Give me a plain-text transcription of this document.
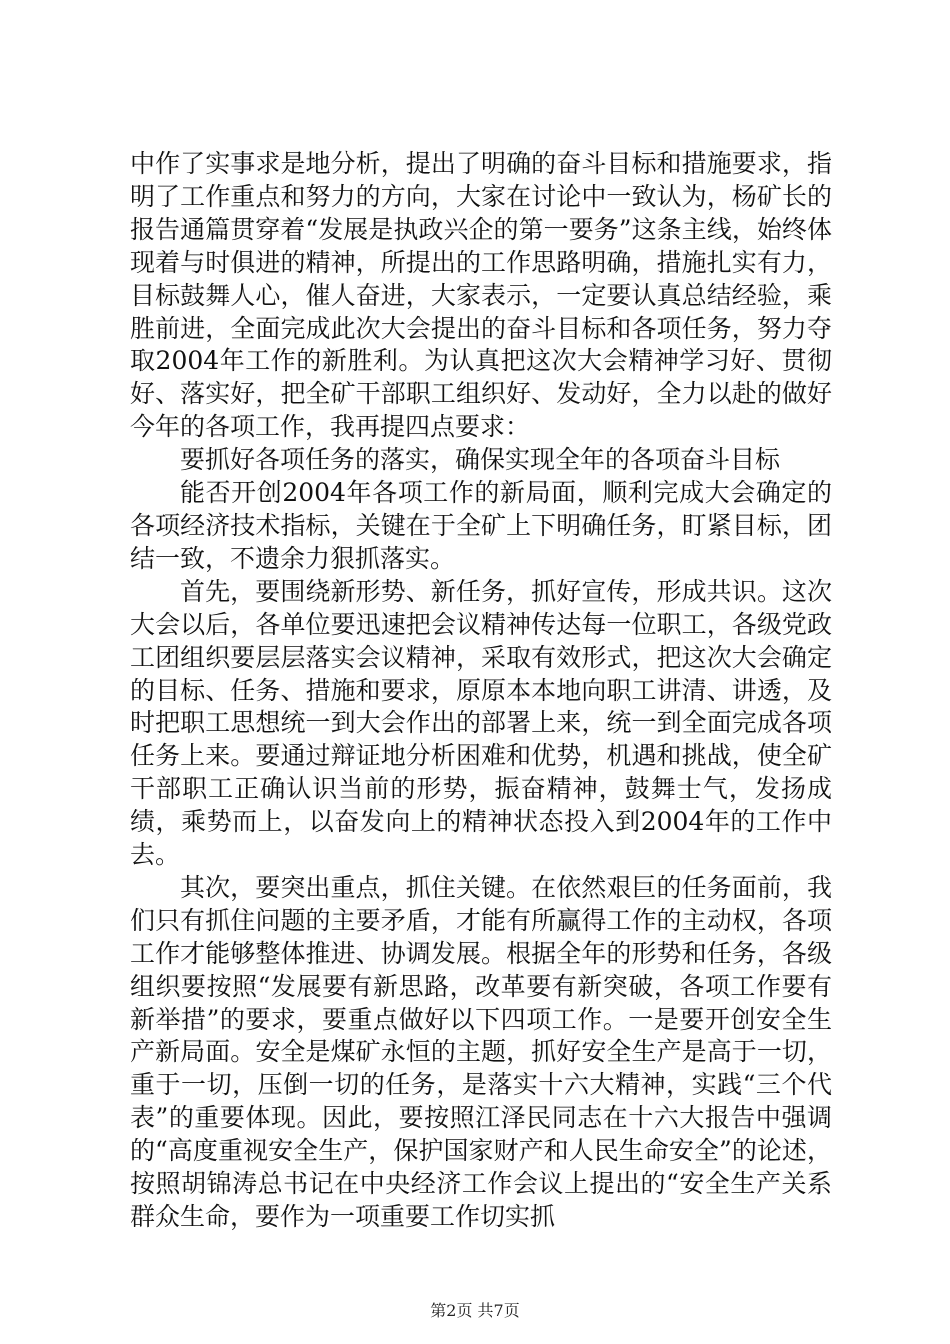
中作了实事求是地分析，提出了明确的奋斗目标和措施要求，指明了工作重点和努力的方向，大家在讨论中一致认为，杨矿长的报告通篇贯穿着“发展是执政兴企的第一要务”这条主线，始终体现着与时俱进的精神，所提出的工作思路明确，措施扎实有力，目标鼓舞人心，催人奋进，大家表示，一定要认真总结经验，乘胜前进，全面完成此次大会提出的奋斗目标和各项任务，努力夺取2004年工作的新胜利。为认真把这次大会精神学习好、贯彻好、落实好，把全矿干部职工组织好、发动好，全力以赴的做好今年的各项工作，我再提四点要求：

要抓好各项任务的落实，确保实现全年的各项奋斗目标

能否开创2004年各项工作的新局面，顺利完成大会确定的各项经济技术指标，关键在于全矿上下明确任务，盯紧目标，团结一致，不遗余力狠抓落实。

首先，要围绕新形势、新任务，抓好宣传，形成共识。这次大会以后，各单位要迅速把会议精神传达每一位职工，各级党政工团组织要层层落实会议精神，采取有效形式，把这次大会确定的目标、任务、措施和要求，原原本本地向职工讲清、讲透，及时把职工思想统一到大会作出的部署上来，统一到全面完成各项任务上来。要通过辩证地分析困难和优势，机遇和挑战，使全矿干部职工正确认识当前的形势，振奋精神，鼓舞士气，发扬成绩，乘势而上，以奋发向上的精神状态投入到2004年的工作中去。

其次，要突出重点，抓住关键。在依然艰巨的任务面前，我们只有抓住问题的主要矛盾，才能有所赢得工作的主动权，各项工作才能够整体推进、协调发展。根据全年的形势和任务，各级组织要按照“发展要有新思路，改革要有新突破，各项工作要有新举措”的要求，要重点做好以下四项工作。一是要开创安全生产新局面。安全是煤矿永恒的主题，抓好安全生产是高于一切，重于一切，压倒一切的任务，是落实十六大精神，实践“三个代表”的重要体现。因此，要按照江泽民同志在十六大报告中强调的“高度重视安全生产，保护国家财产和人民生命安全”的论述，按照胡锦涛总书记在中央经济工作会议上提出的“安全生产关系群众生命，要作为一项重要工作切实抓

第2页 共7页
